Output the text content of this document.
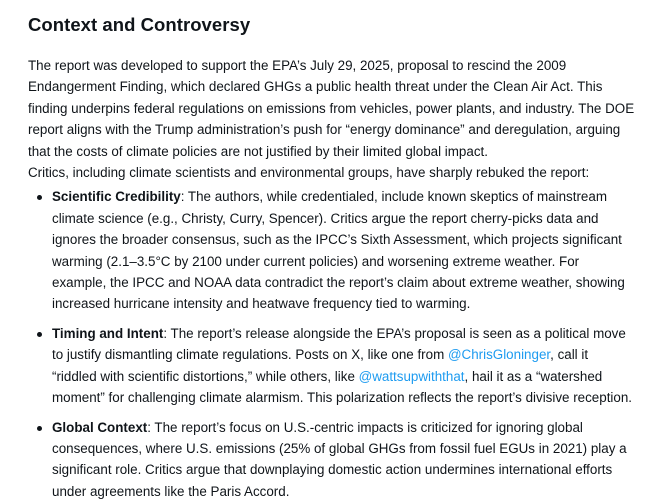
Context and Controversy

The report was developed to support the EPA’s July 29, 2025, proposal to rescind the 2009 Endangerment Finding, which declared GHGs a public health threat under the Clean Air Act. This finding underpins federal regulations on emissions from vehicles, power plants, and industry. The DOE report aligns with the Trump administration’s push for “energy dominance” and deregulation, arguing that the costs of climate policies are not justified by their limited global impact.

Critics, including climate scientists and environmental groups, have sharply rebuked the report:

Scientific Credibility: The authors, while credentialed, include known skeptics of mainstream climate science (e.g., Christy, Curry, Spencer). Critics argue the report cherry-picks data and ignores the broader consensus, such as the IPCC’s Sixth Assessment, which projects significant warming (2.1–3.5°C by 2100 under current policies) and worsening extreme weather. For example, the IPCC and NOAA data contradict the report’s claim about extreme weather, showing increased hurricane intensity and heatwave frequency tied to warming.
Timing and Intent: The report’s release alongside the EPA’s proposal is seen as a political move to justify dismantling climate regulations. Posts on X, like one from @ChrisGloninger, call it “riddled with scientific distortions,” while others, like @wattsupwiththat, hail it as a “watershed moment” for challenging climate alarmism. This polarization reflects the report’s divisive reception.
Global Context: The report’s focus on U.S.-centric impacts is criticized for ignoring global consequences, where U.S. emissions (25% of global GHGs from fossil fuel EGUs in 2021) play a significant role. Critics argue that downplaying domestic action undermines international efforts under agreements like the Paris Accord.
